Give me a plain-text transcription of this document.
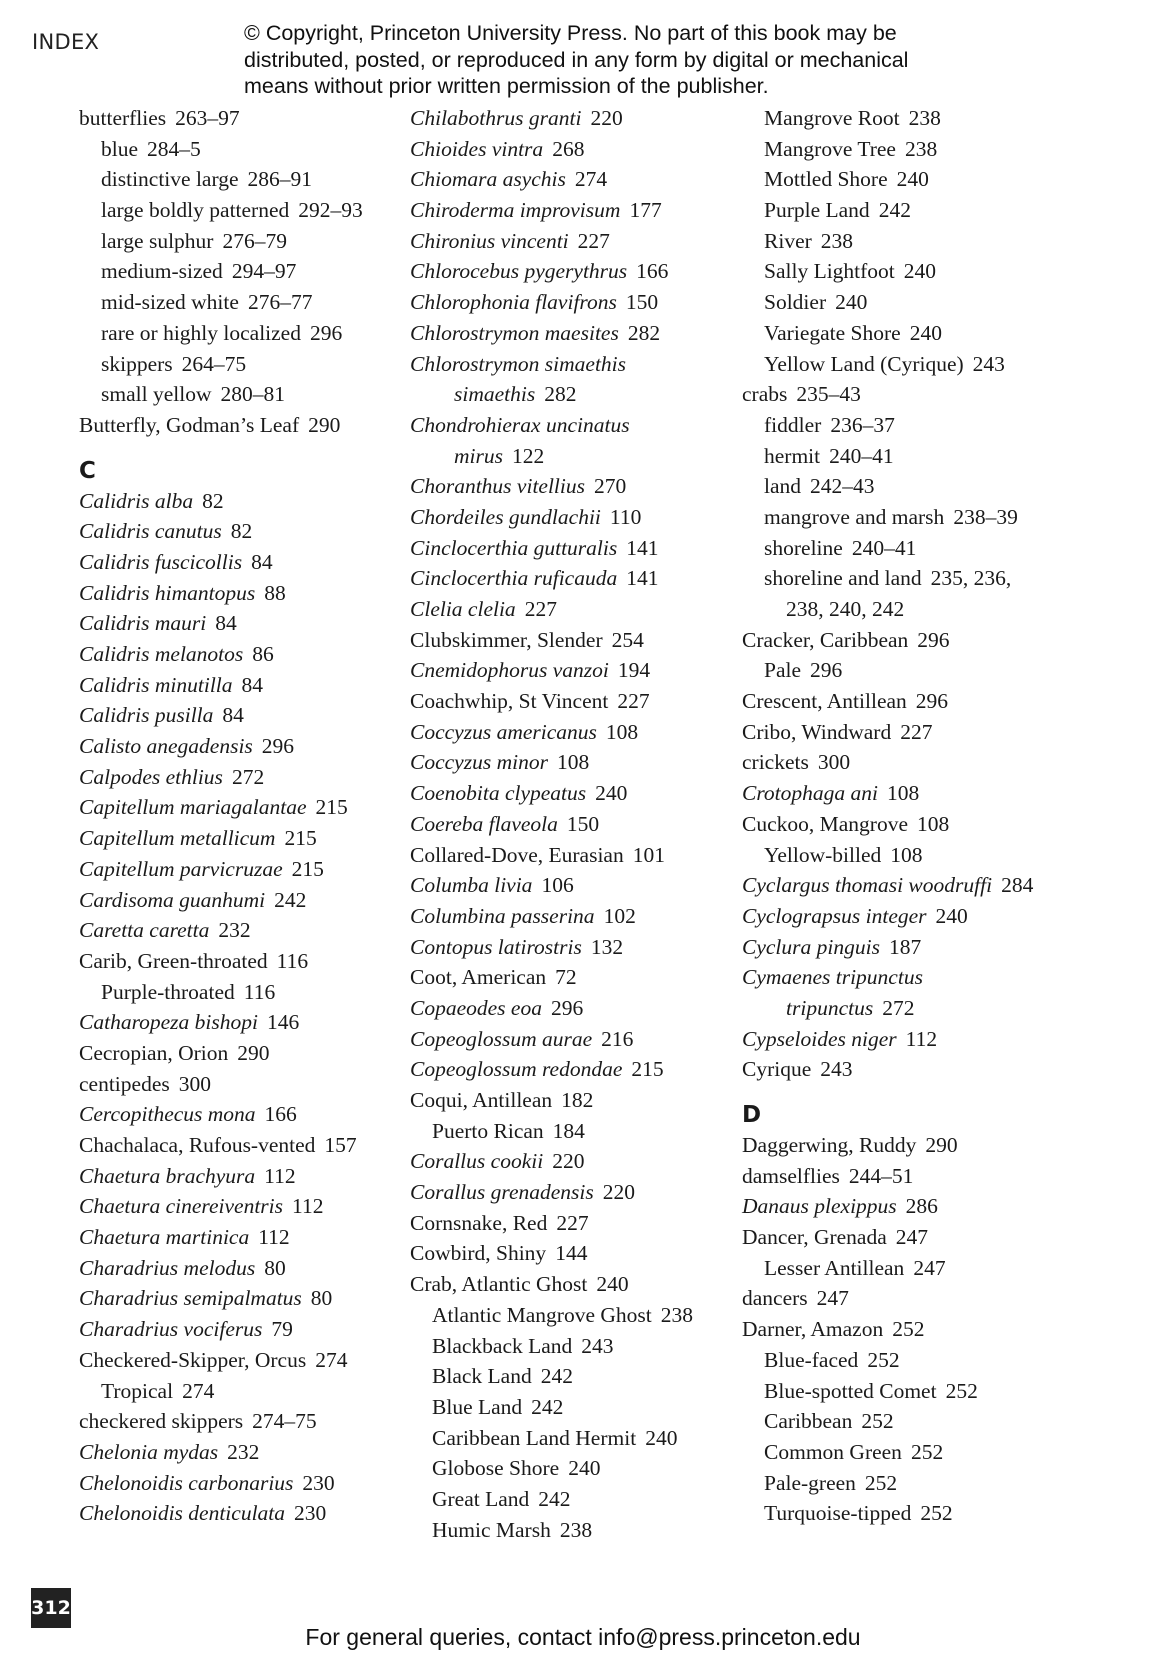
INDEX	© Copyright, Princeton University Press. No part of this book may be
distributed, posted, or reproduced in any form by digital or mechanical
means without prior written permission of the publisher.
butterflies 263–97
blue 284–5
distinctive large 286–91
large boldly patterned 292–93
large sulphur 276–79
medium-sized 294–97
mid-sized white 276–77
rare or highly localized 296
skippers 264–75
small yellow 280–81
Butterfly, Godman’s Leaf 290
C
Calidris alba 82
Calidris canutus 82
Calidris fuscicollis 84
Calidris himantopus 88
Calidris mauri 84
Calidris melanotos 86
Calidris minutilla 84
Calidris pusilla 84
Calisto anegadensis 296
Calpodes ethlius 272
Capitellum mariagalantae 215
Capitellum metallicum 215
Capitellum parvicruzae 215
Cardisoma guanhumi 242
Caretta caretta 232
Carib, Green-throated 116
Purple-throated 116
Catharopeza bishopi 146
Cecropian, Orion 290
centipedes 300
Cercopithecus mona 166
Chachalaca, Rufous-vented 157
Chaetura brachyura 112
Chaetura cinereiventris 112
Chaetura martinica 112
Charadrius melodus 80
Charadrius semipalmatus 80
Charadrius vociferus 79
Checkered-Skipper, Orcus 274
Tropical 274
checkered skippers 274–75
Chelonia mydas 232
Chelonoidis carbonarius 230
Chelonoidis denticulata 230
Chilabothrus granti 220
Chioides vintra 268
Chiomara asychis 274
Chiroderma improvisum 177
Chironius vincenti 227
Chlorocebus pygerythrus 166
Chlorophonia flavifrons 150
Chlorostrymon maesites 282
Chlorostrymon simaethis
simaethis 282
Chondrohierax uncinatus
mirus 122
Choranthus vitellius 270
Chordeiles gundlachii 110
Cinclocerthia gutturalis 141
Cinclocerthia ruficauda 141
Clelia clelia 227
Clubskimmer, Slender 254
Cnemidophorus vanzoi 194
Coachwhip, St Vincent 227
Coccyzus americanus 108
Coccyzus minor 108
Coenobita clypeatus 240
Coereba flaveola 150
Collared-Dove, Eurasian 101
Columba livia 106
Columbina passerina 102
Contopus latirostris 132
Coot, American 72
Copaeodes eoa 296
Copeoglossum aurae 216
Copeoglossum redondae 215
Coqui, Antillean 182
Puerto Rican 184
Corallus cookii 220
Corallus grenadensis 220
Cornsnake, Red 227
Cowbird, Shiny 144
Crab, Atlantic Ghost 240
Atlantic Mangrove Ghost 238
Blackback Land 243
Black Land 242
Blue Land 242
Caribbean Land Hermit 240
Globose Shore 240
Great Land 242
Humic Marsh 238
Mangrove Root 238
Mangrove Tree 238
Mottled Shore 240
Purple Land 242
River 238
Sally Lightfoot 240
Soldier 240
Variegate Shore 240
Yellow Land (Cyrique) 243
crabs 235–43
fiddler 236–37
hermit 240–41
land 242–43
mangrove and marsh 238–39
shoreline 240–41
shoreline and land 235, 236,
238, 240, 242
Cracker, Caribbean 296
Pale 296
Crescent, Antillean 296
Cribo, Windward 227
crickets 300
Crotophaga ani 108
Cuckoo, Mangrove 108
Yellow-billed 108
Cyclargus thomasi woodruffi 284
Cyclograpsus integer 240
Cyclura pinguis 187
Cymaenes tripunctus
tripunctus 272
Cypseloides niger 112
Cyrique 243
D
Daggerwing, Ruddy 290
damselflies 244–51
Danaus plexippus 286
Dancer, Grenada 247
Lesser Antillean 247
dancers 247
Darner, Amazon 252
Blue-faced 252
Blue-spotted Comet 252
Caribbean 252
Common Green 252
Pale-green 252
Turquoise-tipped 252
312
For general queries, contact info@press.princeton.edu
